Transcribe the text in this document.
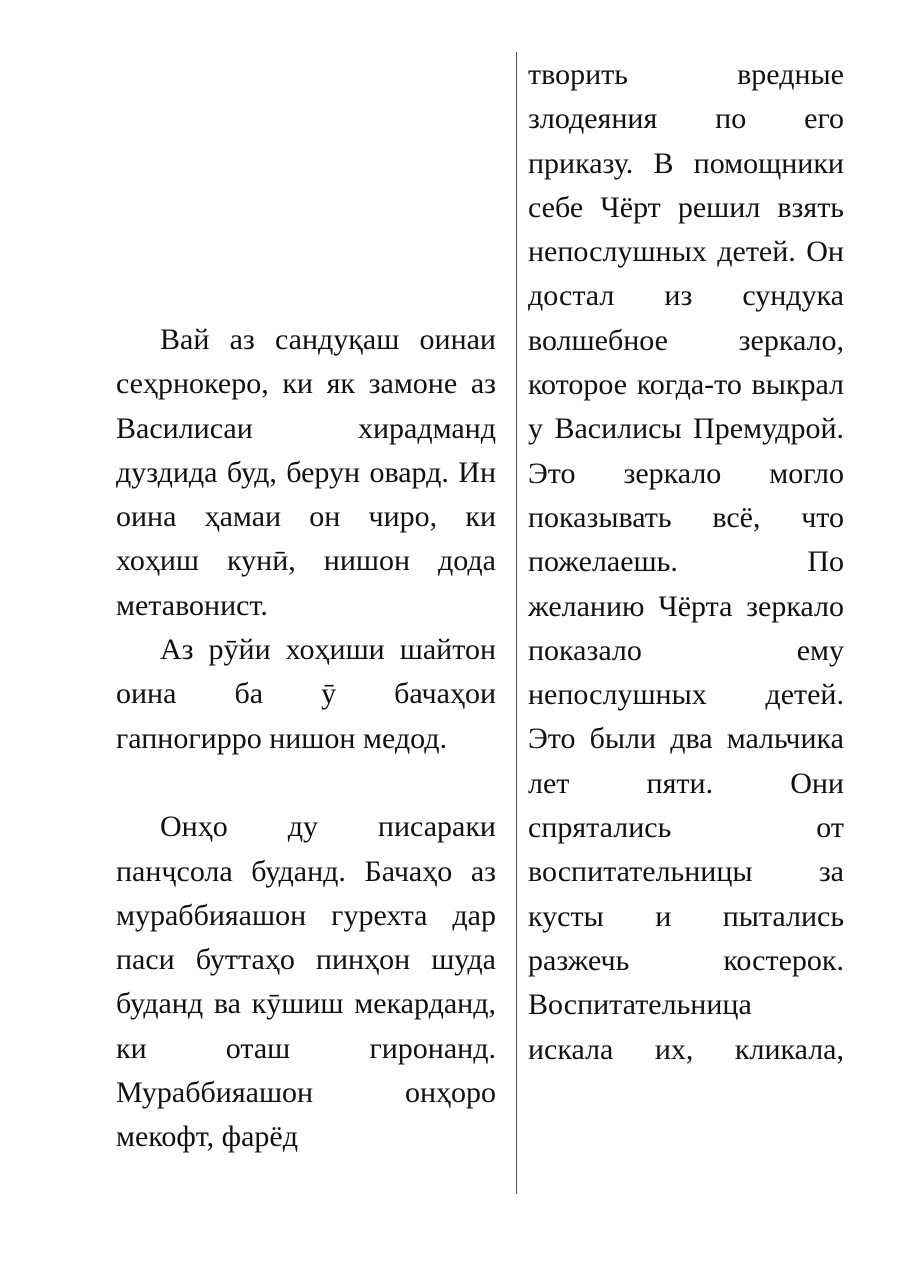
Вай аз сандуқаш оинаи сеҳрнокеро, ки як замоне аз Василисаи хирадманд дуздида буд, берун овард. Ин оина ҳамаи он чиро, ки хоҳиш кунӣ, нишон дода метавонист.

Аз рӯйи хоҳиши шайтон оина ба ӯ бачаҳои гапногирро нишон медод.

Онҳо ду писараки панҷсола буданд. Бачаҳо аз мураббияашон гурехта дар паси буттаҳо пинҳон шуда буданд ва кӯшиш мекарданд, ки оташ гиронанд. Мураббияашон онҳоро мекофт, фарёд

творить вредные злодеяния по его приказу. В помощники себе Чёрт решил взять непослушных детей. Он достал из сундука волшебное зеркало, которое когда-то выкрал у Василисы Премудрой. Это зеркало могло показывать всё, что пожелаешь. По желанию Чёрта зеркало показало ему непослушных детей. Это были два мальчика лет пяти. Они спрятались от воспитательницы за кусты и пытались разжечь костерок. Воспитательница искала их, кликала,
